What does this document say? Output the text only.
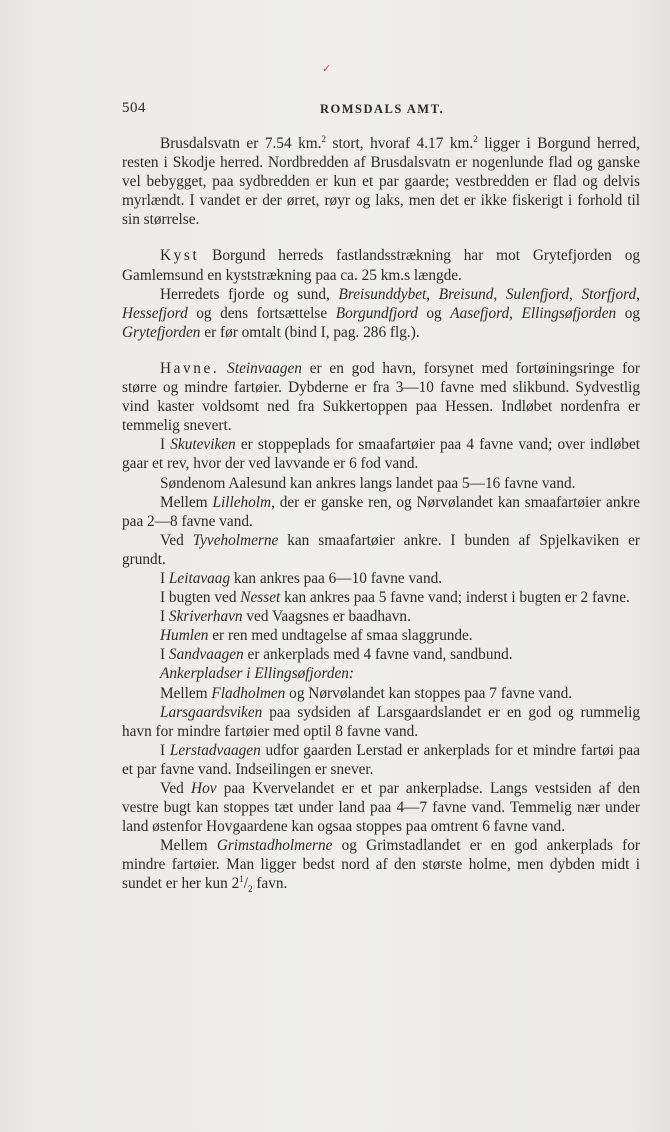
✓
504	ROMSDALS AMT.

Brusdalsvatn er 7.54 km.$^2$ stort, hvoraf 4.17 km.$^2$ ligger i Borgund herred, resten i Skodje herred. Nordbredden af Brusdalsvatn er nogenlunde flad og ganske vel bebygget, paa sydbredden er kun et par gaarde; vestbredden er flad og delvis myrlændt. I vandet er der ørret, røyr og laks, men det er ikke fiskerigt i forhold til sin størrelse.

Kyst Borgund herreds fastlandsstrækning har mot Grytefjorden og Gamlemsund en kyststrækning paa ca. 25 km.s længde.

Herredets fjorde og sund, Breisunddybet, Breisund, Sulenfjord, Storfjord, Hessefjord og dens fortsættelse Borgundfjord og Aasefjord, Ellingsøfjorden og Grytefjorden er før omtalt (bind I, pag. 286 flg.).

Havne. Steinvaagen er en god havn, forsynet med fortøiningsringe for større og mindre fartøier. Dybderne er fra 3—10 favne med slikbund. Sydvestlig vind kaster voldsomt ned fra Sukkertoppen paa Hessen. Indløbet nordenfra er temmelig snevert.

I Skuteviken er stoppeplads for smaafartøier paa 4 favne vand; over indløbet gaar et rev, hvor der ved lavvande er 6 fod vand.

Søndenom Aalesund kan ankres langs landet paa 5—16 favne vand.

Mellem Lilleholm, der er ganske ren, og Nørvølandet kan smaafartøier ankre paa 2—8 favne vand.

Ved Tyveholmerne kan smaafartøier ankre. I bunden af Spjelkaviken er grundt.

I Leitavaag kan ankres paa 6—10 favne vand.

I bugten ved Nesset kan ankres paa 5 favne vand; inderst i bugten er 2 favne.

I Skriverhavn ved Vaagsnes er baadhavn.

Humlen er ren med undtagelse af smaa slaggrunde.

I Sandvaagen er ankerplads med 4 favne vand, sandbund.

Ankerpladser i Ellingsøfjorden:

Mellem Fladholmen og Nørvølandet kan stoppes paa 7 favne vand.

Larsgaardsviken paa sydsiden af Larsgaardslandet er en god og rummelig havn for mindre fartøier med optil 8 favne vand.

I Lerstadvaagen udfor gaarden Lerstad er ankerplads for et mindre fartøi paa et par favne vand. Indseilingen er snever.

Ved Hov paa Kvervelandet er et par ankerpladse. Langs vestsiden af den vestre bugt kan stoppes tæt under land paa 4—7 favne vand. Temmelig nær under land østenfor Hovgaardene kan ogsaa stoppes paa omtrent 6 favne vand.

Mellem Grimstadholmerne og Grimstadlandet er en god ankerplads for mindre fartøier. Man ligger bedst nord af den største holme, men dybden midt i sundet er her kun $2^1/_2$ favn.
